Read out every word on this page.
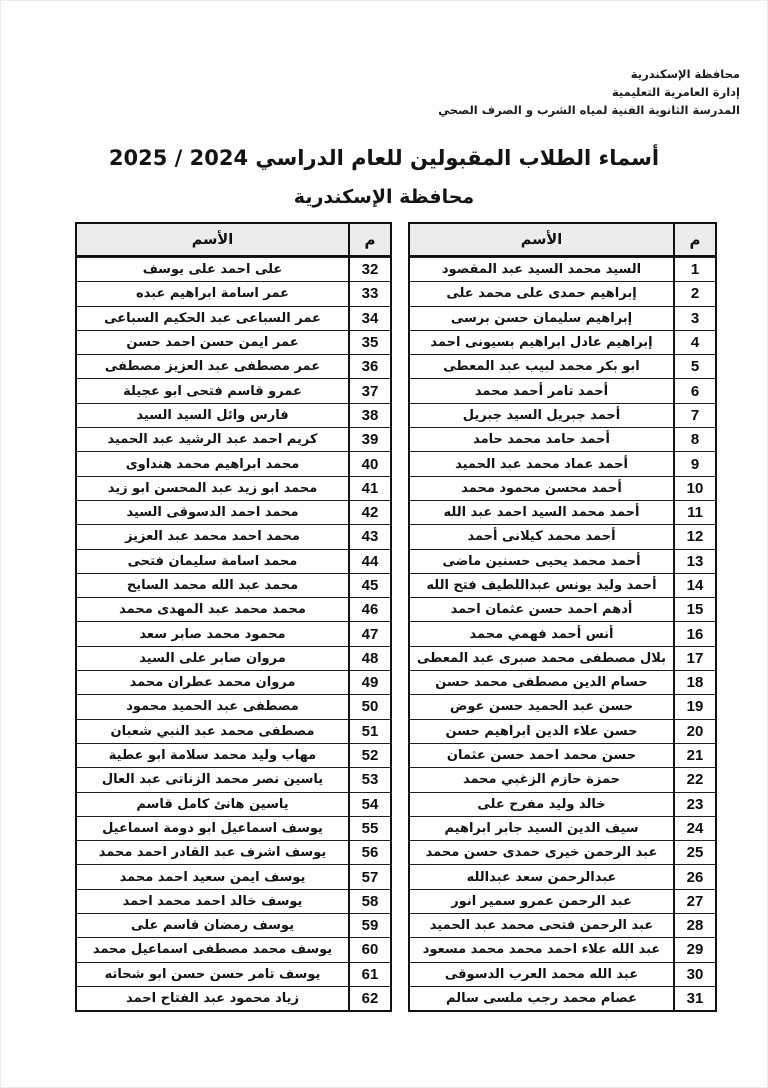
محافظة الإسكندرية
إدارة العامرية التعليمية
المدرسة الثانوية الفنية لمياه الشرب و الصرف الصحي
أسماء الطلاب المقبولين للعام الدراسي 2024 / 2025
محافظة الإسكندرية
م
الأسم
1
السيد محمد السيد عبد المقصود
2
إبراهيم حمدى على محمد على
3
إبراهيم سليمان حسن برسى
4
إبراهيم عادل ابراهيم بسيونى احمد
5
ابو بكر محمد لبيب عبد المعطى
6
أحمد تامر أحمد محمد
7
أحمد جبريل السيد جبريل
8
أحمد حامد محمد حامد
9
أحمد عماد محمد عبد الحميد
10
أحمد محسن محمود محمد
11
أحمد محمد السيد احمد عبد الله
12
أحمد محمد كيلانى أحمد
13
أحمد محمد يحيى حسنين ماضى
14
أحمد وليد يونس عبداللطيف فتح الله
15
أدهم احمد حسن عثمان احمد
16
أنس أحمد فهمي محمد
17
بلال مصطفى محمد صبرى عبد المعطى
18
حسام الدين مصطفى محمد حسن
19
حسن عبد الحميد حسن عوض
20
حسن علاء الدين ابراهيم حسن
21
حسن محمد احمد حسن عثمان
22
حمزة حازم الزغبي محمد
23
خالد وليد مفرح على
24
سيف الدين السيد جابر ابراهيم
25
عبد الرحمن خيرى حمدى حسن محمد
26
عبدالرحمن سعد عبدالله
27
عبد الرحمن عمرو سمير انور
28
عبد الرحمن فتحى محمد عبد الحميد
29
عبد الله علاء احمد محمد محمد مسعود
30
عبد الله محمد العرب الدسوقى
31
عصام محمد رجب ملسى سالم
م
الأسم
32
على احمد على يوسف
33
عمر اسامة ابراهيم عبده
34
عمر السباعى عبد الحكيم السباعى
35
عمر ايمن حسن احمد حسن
36
عمر مصطفى عبد العزيز مصطفى
37
عمرو قاسم فتحى ابو عجيلة
38
فارس وائل السيد السيد
39
كريم احمد عبد الرشيد عبد الحميد
40
محمد ابراهيم محمد هنداوى
41
محمد ابو زيد عبد المحسن ابو زيد
42
محمد احمد الدسوقى السيد
43
محمد احمد محمد عبد العزيز
44
محمد اسامة سليمان فتحى
45
محمد عبد الله محمد السايح
46
محمد محمد عبد المهدى محمد
47
محمود محمد صابر سعد
48
مروان صابر على السيد
49
مروان محمد عطران محمد
50
مصطفى عبد الحميد محمود
51
مصطفى محمد عبد النبي شعبان
52
مهاب وليد محمد سلامة ابو عطية
53
ياسين نصر محمد الزناتى عبد العال
54
ياسين هانئ كامل قاسم
55
يوسف اسماعيل ابو دومة اسماعيل
56
يوسف اشرف عبد القادر احمد محمد
57
يوسف ايمن سعيد احمد محمد
58
يوسف خالد احمد محمد احمد
59
يوسف رمضان قاسم على
60
يوسف محمد مصطفى اسماعيل محمد
61
يوسف تامر حسن حسن ابو شحاته
62
زياد محمود عبد الفتاح احمد
